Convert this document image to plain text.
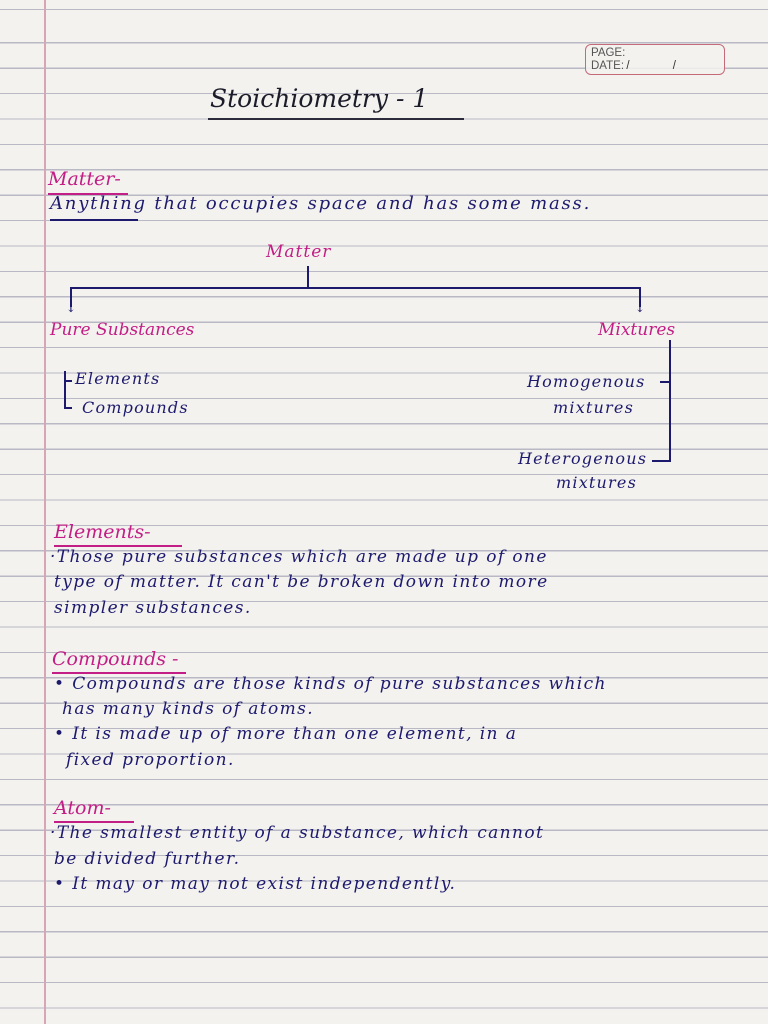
PAGE:
DATE: / /
Stoichiometry - 1
Matter-
Anything that occupies space and has some mass.
Matter
↓	↓
Pure Substances	Mixtures
Elements
Compounds
Homogenous
mixtures
Heterogenous
mixtures
Elements-
·Those pure substances which are made up of one
type of matter. It can't be broken down into more
simpler substances.
Compounds -
• Compounds are those kinds of pure substances which
has many kinds of atoms.
• It is made up of more than one element, in a
fixed proportion.
Atom-
·The smallest entity of a substance, which cannot
be divided further.
• It may or may not exist independently.
